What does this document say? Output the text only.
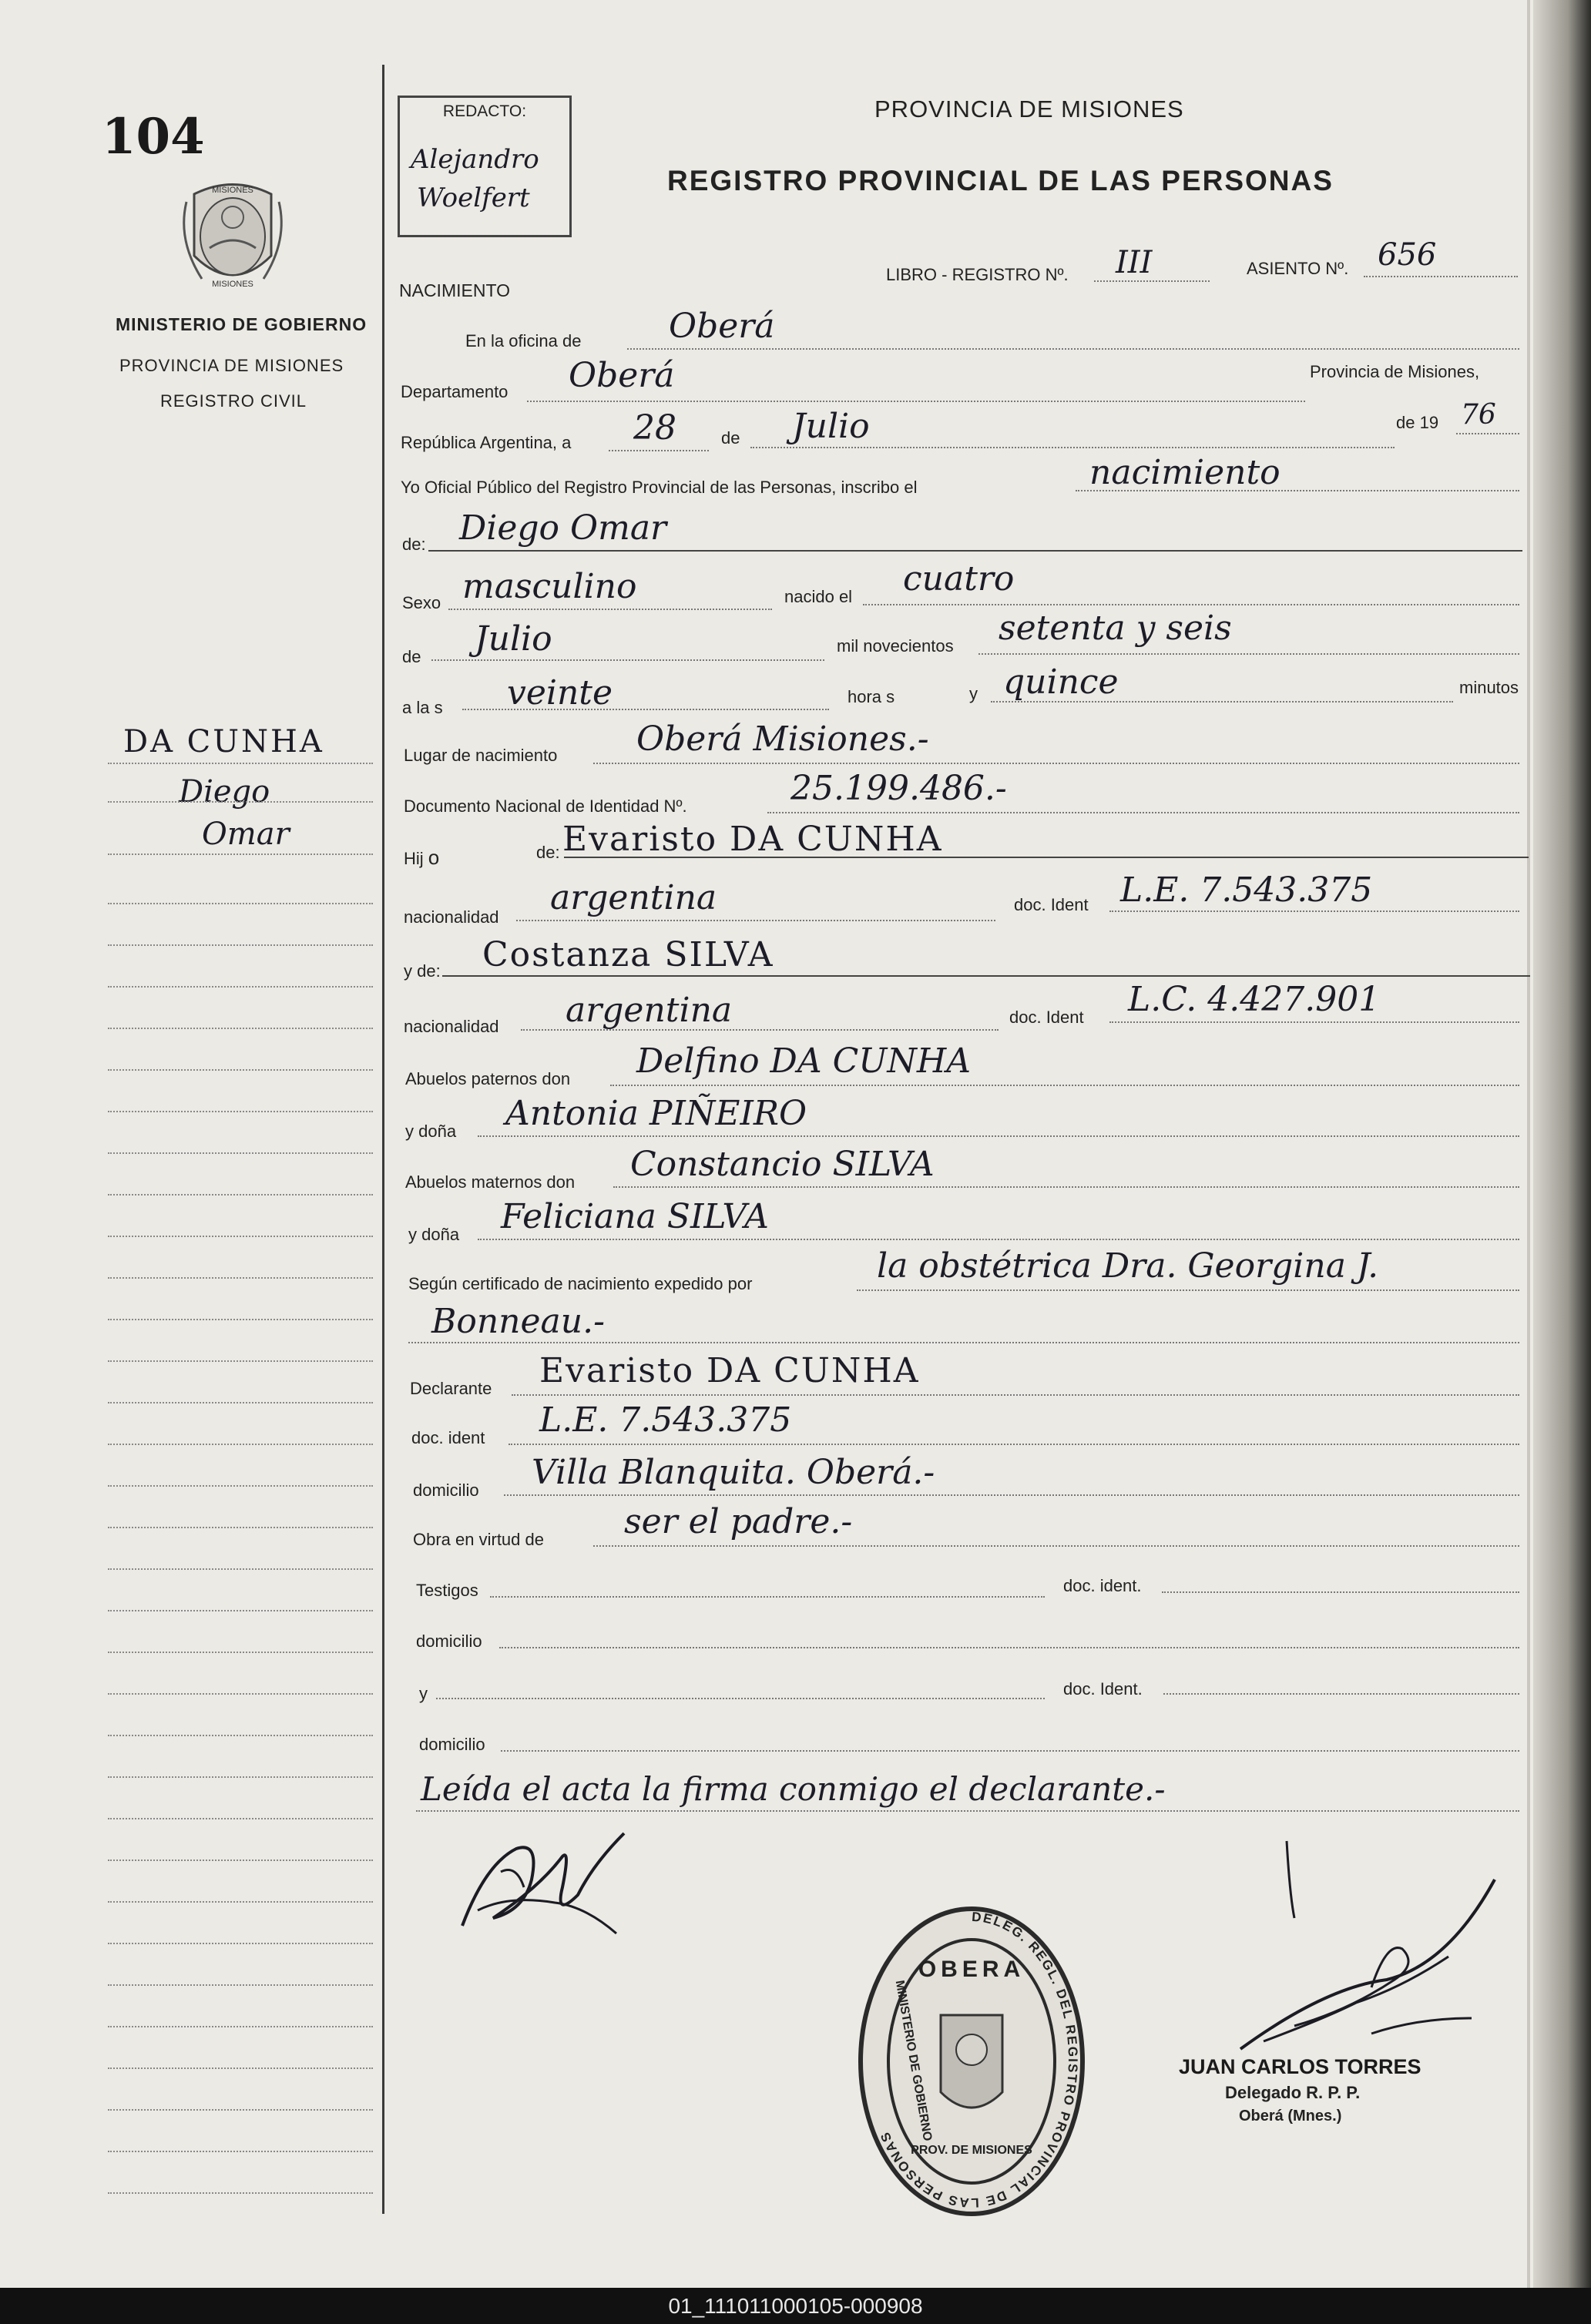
104
MISIONES
MISIONES
MINISTERIO DE GOBIERNO
PROVINCIA DE MISIONES
REGISTRO CIVIL
DA CUNHA
Diego
Omar
REDACTO:
Alejandro
Woelfert
PROVINCIA DE MISIONES
REGISTRO PROVINCIAL DE LAS PERSONAS
NACIMIENTO
LIBRO - REGISTRO Nº. III	ASIENTO Nº. 656
En la oficina de	Oberá
Departamento Oberá	Provincia de Misiones,
República Argentina, a 28	de Julio	de 19 76
Yo Oficial Público del Registro Provincial de las Personas, inscribo el	nacimiento
de: Diego Omar
Sexo masculino	nacido el cuatro
de Julio	mil novecientos setenta y seis
a la s veinte	hora s	y quince	minutos
Lugar de nacimiento Oberá Misiones.-
Documento Nacional de Identidad Nº.	25.199.486.-
Hij o	de: Evaristo DA CUNHA
nacionalidad argentina	doc. Ident L.E. 7.543.375
y de: Costanza SILVA
nacionalidad argentina	doc. Ident L.C. 4.427.901
Abuelos paternos don Delfino DA CUNHA
y doña Antonia PIÑEIRO
Abuelos maternos don Constancio SILVA
y doña Feliciana SILVA
Según certificado de nacimiento expedido por	la obstétrica Dra. Georgina J.
Bonneau.-
Declarante Evaristo DA CUNHA
doc. ident L.E. 7.543.375
domicilio Villa Blanquita. Oberá.-
Obra en virtud de ser el padre.-
Testigos	doc. ident.
domicilio
y	doc. Ident.
domicilio
Leída el acta la firma conmigo el declarante.-
DELEG. REGL. DEL REGISTRO PROVINCIAL DE LAS PERSONAS
OBERA
MINISTERIO DE GOBIERNO
PROV. DE MISIONES
JUAN CARLOS TORRES
Delegado R. P. P.
Oberá (Mnes.)
01_111011000105-000908
